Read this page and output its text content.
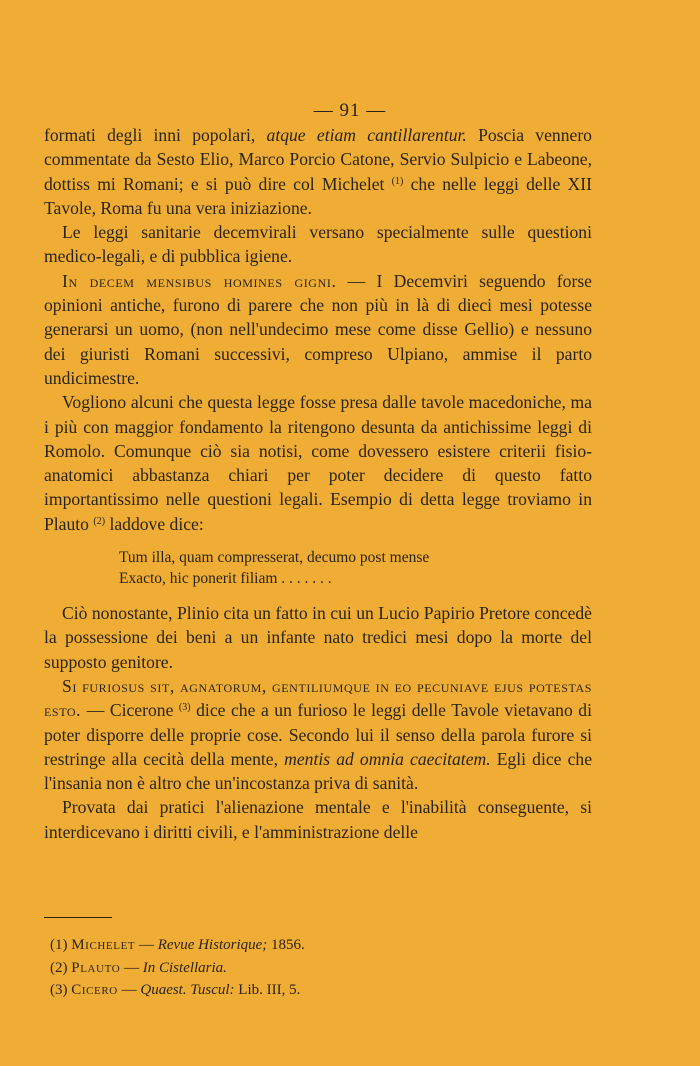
— 91 —

formati degli inni popolari, atque etiam cantillarentur. Poscia vennero commentate da Sesto Elio, Marco Porcio Catone, Servio Sulpicio e Labeone, dottiss mi Romani; e si può dire col Michelet $^{(1)}$ che nelle leggi delle XII Tavole, Roma fu una vera iniziazione.

Le leggi sanitarie decemvirali versano specialmente sulle questioni medico-legali, e di pubblica igiene.

In decem mensibus homines gigni. — I Decemviri seguendo forse opinioni antiche, furono di parere che non più in là di dieci mesi potesse generarsi un uomo, (non nell'undecimo mese come disse Gellio) e nessuno dei giuristi Romani successivi, compreso Ulpiano, ammise il parto undicimestre.

Vogliono alcuni che questa legge fosse presa dalle tavole macedoniche, ma i più con maggior fondamento la ritengono desunta da antichissime leggi di Romolo. Comunque ciò sia notisi, come dovessero esistere criterii fisio-anatomici abbastanza chiari per poter decidere di questo fatto importantissimo nelle questioni legali. Esempio di detta legge troviamo in Plauto $^{(2)}$ laddove dice:

Tum illa, quam compresserat, decumo post mense
Exacto, hic ponerit filiam . . . . . . .

Ciò nonostante, Plinio cita un fatto in cui un Lucio Papirio Pretore concedè la possessione dei beni a un infante nato tredici mesi dopo la morte del supposto genitore.

Si furiosus sit, agnatorum, gentiliumque in eo pecuniave ejus potestas esto. — Cicerone $^{(3)}$ dice che a un furioso le leggi delle Tavole vietavano di poter disporre delle proprie cose. Secondo lui il senso della parola furore si restringe alla cecità della mente, mentis ad omnia caecitatem. Egli dice che l'insania non è altro che un'incostanza priva di sanità.

Provata dai pratici l'alienazione mentale e l'inabilità conseguente, si interdicevano i diritti civili, e l'amministrazione delle

(1) Michelet — Revue Historique; 1856.
(2) Plauto — In Cistellaria.
(3) Cicero — Quaest. Tuscul: Lib. III, 5.
